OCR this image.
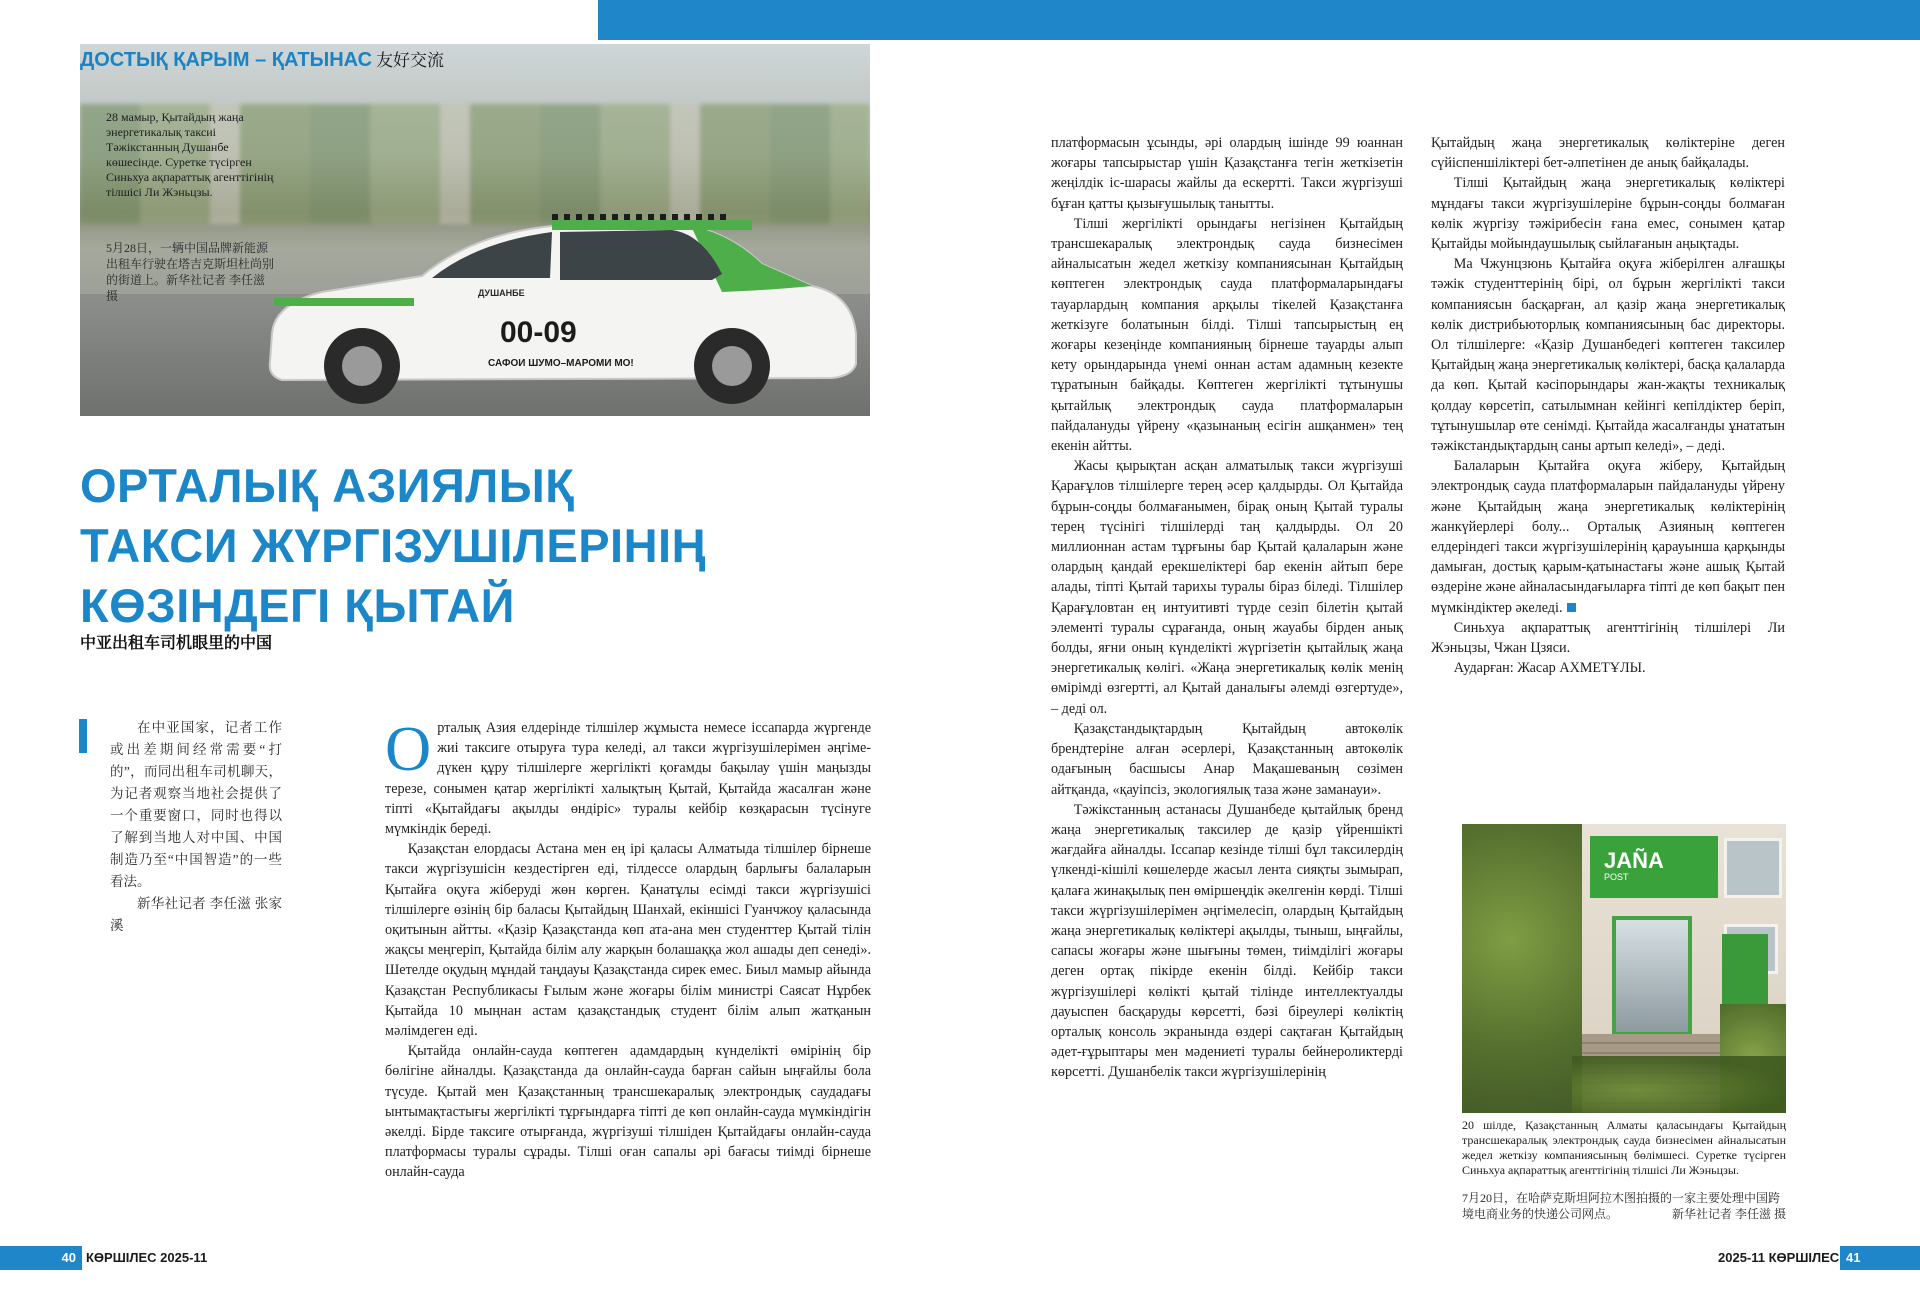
ДУШАНБЕ
00-09
САФОИ ШУМО–МАРОМИ МО!
28 мамыр, Қытайдың жаңа энергетикалық таксиі Тәжікстанның Душанбе көшесінде. Суретке түсірген Синьхуа ақпараттық агенттігінің тілшісі Ли Жэньцзы.
5月28日，一辆中国品牌新能源出租车行驶在塔吉克斯坦杜尚别的街道上。新华社记者 李任滋 摄
ДОСТЫҚ ҚАРЫМ – ҚАТЫНАС 友好交流
ОРТАЛЫҚ АЗИЯЛЫҚ
ТАКСИ ЖҮРГІЗУШІЛЕРІНІҢ
КӨЗІНДЕГІ ҚЫТАЙ
中亚出租车司机眼里的中国

在中亚国家，记者工作或出差期间经常需要“打的”，而同出租车司机聊天，为记者观察当地社会提供了一个重要窗口，同时也得以了解到当地人对中国、中国制造乃至“中国智造”的一些看法。

新华社记者 李任滋 张家溪

О рталық Азия елдерінде тілшілер жұмыста немесе іссапарда жүргенде жиі таксиге отыруға тура келеді, ал такси жүргізушілерімен әңгіме-дүкен құру тілшілерге жергілікті қоғамды бақылау үшін маңызды терезе, сонымен қатар жергілікті халықтың Қытай, Қытайда жасалған және тіпті «Қытайдағы ақылды өндіріс» туралы кейбір көзқарасын түсінуге мүмкіндік береді.

Қазақстан елордасы Астана мен ең ірі қаласы Алматыда тілшілер бірнеше такси жүргізушісін кездестірген еді, тілдессе олардың барлығы балаларын Қытайға оқуға жіберуді жөн көрген. Қанатұлы есімді такси жүргізушісі тілшілерге өзінің бір баласы Қытайдың Шанхай, екіншісі Гуанчжоу қаласында оқитынын айтты. «Қазір Қазақстанда көп ата-ана мен студенттер Қытай тілін жақсы меңгеріп, Қытайда білім алу жарқын болашаққа жол ашады деп сенеді». Шетелде оқудың мұндай таңдауы Қазақстанда сирек емес. Биыл мамыр айында Қазақстан Республикасы Ғылым және жоғары білім министрі Саясат Нұрбек Қытайда 10 мыңнан астам қазақстандық студент білім алып жатқанын мәлімдеген еді.

Қытайда онлайн-сауда көптеген адамдардың күнделікті өмірінің бір бөлігіне айналды. Қазақстанда да онлайн-сауда барған сайын ыңғайлы бола түсуде. Қытай мен Қазақстанның трансшекаралық электрондық саудадағы ынтымақтастығы жергілікті тұрғындарға тіпті де көп онлайн-сауда мүмкіндігін әкелді. Бірде таксиге отырғанда, жүргізуші тілшіден Қытайдағы онлайн-сауда платформасы туралы сұрады. Тілші оған сапалы әрі бағасы тиімді бірнеше онлайн-сауда

платформасын ұсынды, әрі олардың ішінде 99 юаннан жоғары тапсырыстар үшін Қазақстанға тегін жеткізетін жеңілдік іс-шарасы жайлы да ескертті. Такси жүргізуші бұған қатты қызығушылық танытты.

Тілші жергілікті орындағы негізінен Қытайдың трансшекаралық электрондық сауда бизнесімен айналысатын жедел жеткізу компаниясынан Қытайдың көптеген электрондық сауда платформаларындағы тауарлардың компания арқылы тікелей Қазақстанға жеткізуге болатынын білді. Тілші тапсырыстың ең жоғары кезеңінде компанияның бірнеше тауарды алып кету орындарында үнемі оннан астам адамның кезекте тұратынын байқады. Көптеген жергілікті тұтынушы қытайлық электрондық сауда платформаларын пайдалануды үйрену «қазынаның есігін ашқанмен» тең екенін айтты.

Жасы қырықтан асқан алматылық такси жүргізуші Қарағұлов тілшілерге терең әсер қалдырды. Ол Қытайда бұрын-соңды болмағанымен, бірақ оның Қытай туралы терең түсінігі тілшілерді таң қалдырды. Ол 20 миллионнан астам тұрғыны бар Қытай қалаларын және олардың қандай ерекшеліктері бар екенін айтып бере алады, тіпті Қытай тарихы туралы біраз біледі. Тілшілер Қарағұловтан ең интуитивті түрде сезіп білетін қытай элементі туралы сұрағанда, оның жауабы бірден анық болды, яғни оның күнделікті жүргізетін қытайлық жаңа энергетикалық көлігі. «Жаңа энергетикалық көлік менің өмірімді өзгертті, ал Қытай даналығы әлемді өзгертуде», – деді ол.

Қазақстандықтардың Қытайдың автокөлік брендтеріне алған әсерлері, Қазақстанның автокөлік одағының басшысы Анар Мақашеваның сөзімен айтқанда, «қауіпсіз, экологиялық таза және заманауи».

Тәжікстанның астанасы Душанбеде қытайлық бренд жаңа энергетикалық таксилер де қазір үйреншікті жағдайға айналды. Іссапар кезінде тілші бұл таксилердің үлкенді-кішілі көшелерде жасыл лента сияқты зымырап, қалаға жинақылық пен өміршеңдік әкелгенін көрді. Тілші такси жүргізушілерімен әңгімелесіп, олардың Қытайдың жаңа энергетикалық көліктері ақылды, тыныш, ыңғайлы, сапасы жоғары және шығыны төмен, тиімділігі жоғары деген ортақ пікірде екенін білді. Кейбір такси жүргізушілері көлікті қытай тілінде интеллектуалды дауыспен басқаруды көрсетті, бәзі біреулері көліктің орталық консоль экранында өздері сақтаған Қытайдың әдет-ғұрыптары мен мәдениеті туралы бейнероликтерді көрсетті. Душанбелік такси жүргізушілерінің

Қытайдың жаңа энергетикалық көліктеріне деген сүйіспеншіліктері бет-әлпетінен де анық байқалады.

Тілші Қытайдың жаңа энергетикалық көліктері мұндағы такси жүргізушілеріне бұрын-соңды болмаған көлік жүргізу тәжірибесін ғана емес, сонымен қатар Қытайды мойындаушылық сыйлағанын аңықтады.

Ма Чжунцзюнь Қытайға оқуға жіберілген алғашқы тәжік студенттерінің бірі, ол бұрын жергілікті такси компаниясын басқарған, ал қазір жаңа энергетикалық көлік дистрибьюторлық компаниясының бас директоры. Ол тілшілерге: «Қазір Душанбедегі көптеген таксилер Қытайдың жаңа энергетикалық көліктері, басқа қалаларда да көп. Қытай кәсіпорындары жан-жақты техникалық қолдау көрсетіп, сатылымнан кейінгі кепілдіктер беріп, тұтынушылар өте сенімді. Қытайда жасалғанды ұнататын тәжікстандықтардың саны артып келеді», – деді.

Балаларын Қытайға оқуға жіберу, Қытайдың электрондық сауда платформаларын пайдалануды үйрену және Қытайдың жаңа энергетикалық көліктерінің жанкүйерлері болу... Орталық Азияның көптеген елдеріндегі такси жүргізушілерінің қарауынша қарқынды дамыған, достық қарым-қатынастағы және ашық Қытай өздеріне және айналасындағыларға тіпті де көп бақыт пен мүмкіндіктер әкеледі.

Синьхуа ақпараттық агенттігінің тілшілері Ли Жэньцзы, Чжан Цзяси.

Аударған: Жасар АХМЕТҰЛЫ.

JAÑA
POST
20 шілде, Қазақстанның Алматы қаласындағы Қытайдың трансшекаралық электрондық сауда бизнесімен айналысатын жедел жеткізу компаниясының бөлімшесі. Суретке түсірген Синьхуа ақпараттық агенттігінің тілшісі Ли Жэньцзы.
7月20日，在哈萨克斯坦阿拉木图拍摄的一家主要处理中国跨境电商业务的快递公司网点。	新华社记者 李任滋 摄
40 КӨРШІЛЕС 2025-11	2025-11 КӨРШІЛЕС 41
